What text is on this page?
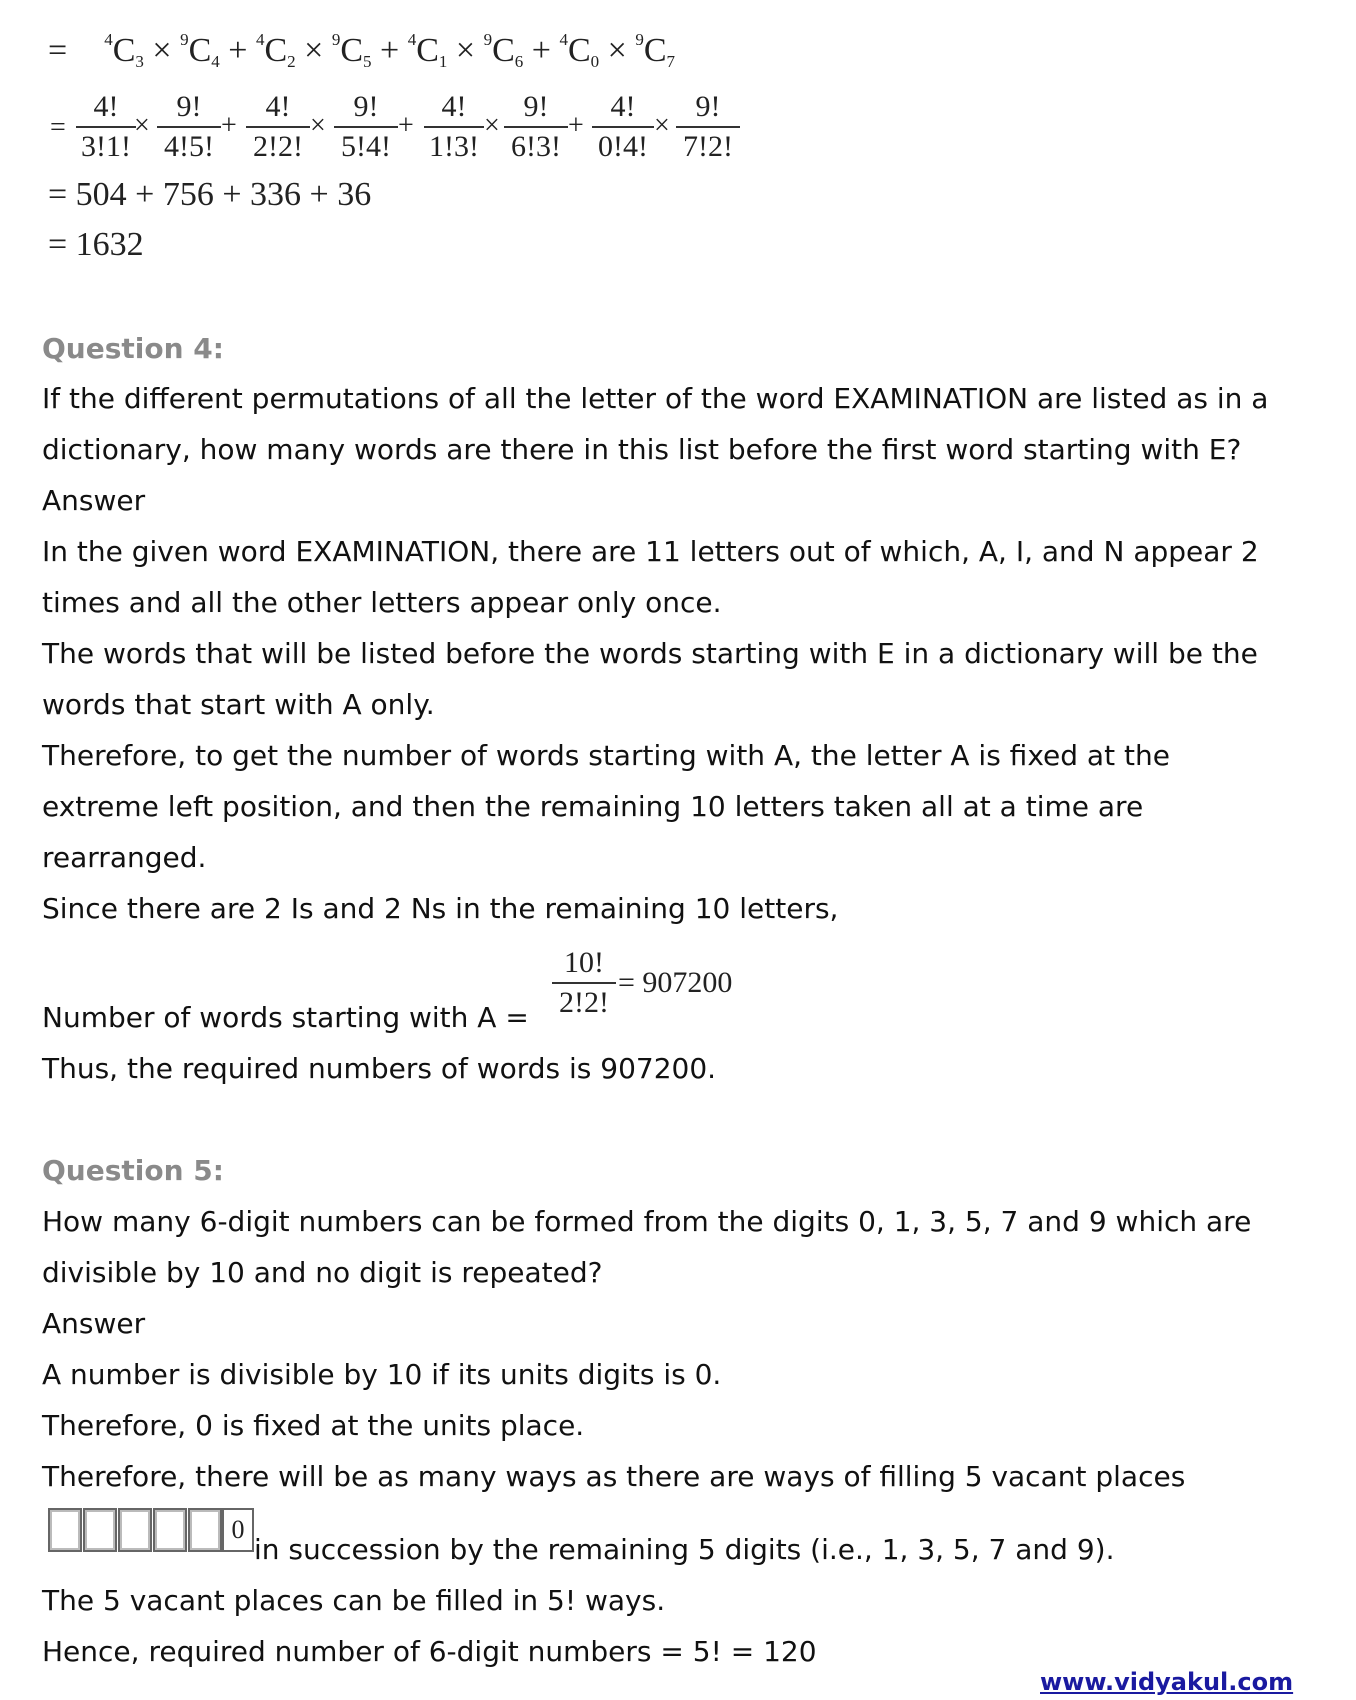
= $^4C_3 \times ^9C_4 + ^4C_2 \times ^9C_5 + ^4C_1 \times ^9C_6 + ^4C_0 \times ^9C_7$
=
4!
3!1!
×
9!
4!5!
+
4!
2!2!
×
9!
5!4!
+
4!
1!3!
×
9!
6!3!
+
4!
0!4!
×
9!
7!2!
= 504 + 756 + 336 + 36
= 1632
Question 4:
If the different permutations of all the letter of the word EXAMINATION are listed as in a
dictionary, how many words are there in this list before the first word starting with E?
Answer
In the given word EXAMINATION, there are 11 letters out of which, A, I, and N appear 2
times and all the other letters appear only once.
The words that will be listed before the words starting with E in a dictionary will be the
words that start with A only.
Therefore, to get the number of words starting with A, the letter A is fixed at the
extreme left position, and then the remaining 10 letters taken all at a time are
rearranged.
Since there are 2 Is and 2 Ns in the remaining 10 letters,
Number of words starting with A =
10!
2!2!
= 907200
Thus, the required numbers of words is 907200.
Question 5:
How many 6-digit numbers can be formed from the digits 0, 1, 3, 5, 7 and 9 which are
divisible by 10 and no digit is repeated?
Answer
A number is divisible by 10 if its units digits is 0.
Therefore, 0 is fixed at the units place.
Therefore, there will be as many ways as there are ways of filling 5 vacant places
0
in succession by the remaining 5 digits (i.e., 1, 3, 5, 7 and 9).
The 5 vacant places can be filled in 5! ways.
Hence, required number of 6-digit numbers = 5! = 120
www.vidyakul.com
